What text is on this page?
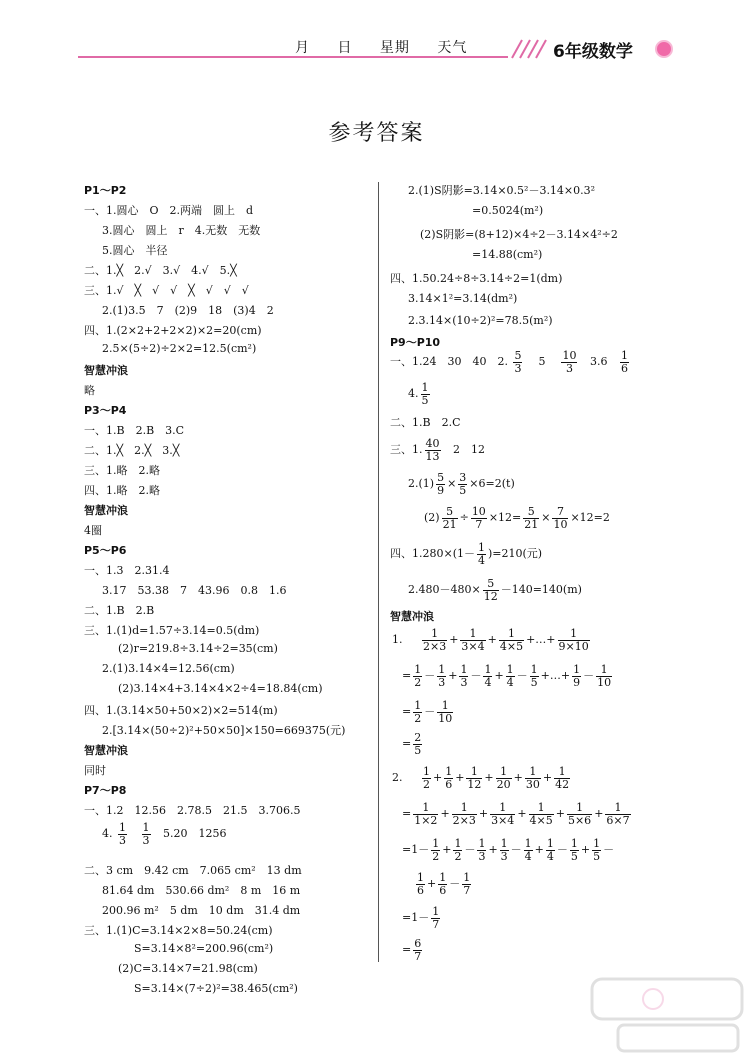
月 日 星期 天气	6年级数学
参考答案
P1～P2
一、1.圆心　O　2.两端　圆上　d
3.圆心　圆上　r　4.无数　无数
5.圆心　半径
二、1.╳　2.√　3.√　4.√　5.╳
三、1.√　╳　√　√　╳　√　√　√
2.(1)3.5　7　(2)9　18　(3)4　2
四、1.(2×2+2+2×2)×2=20(cm)
2.5×(5÷2)÷2×2=12.5(cm²)
智慧冲浪
略
P3～P4
一、1.B　2.B　3.C
二、1.╳　2.╳　3.╳
三、1.略　2.略
四、1.略　2.略
智慧冲浪
4圈
P5～P6
一、1.3　2.31.4
3.17　53.38　7　43.96　0.8　1.6
二、1.B　2.B
三、1.(1)d=1.57÷3.14=0.5(dm)
(2)r=219.8÷3.14÷2=35(cm)
2.(1)3.14×4=12.56(cm)
(2)3.14×4+3.14×4×2÷4=18.84(cm)
四、1.(3.14×50+50×2)×2=514(m)
2.[3.14×(50÷2)²+50×50]×150=669375(元)
智慧冲浪
同时
P7～P8
一、1.2　12.56　2.78.5　21.5　3.706.5
4. $\frac{1}{3}$
$\frac{1}{3} 5.20$　1256
二、3 cm　9.42 cm　7.065 cm²　13 dm
81.64 dm　530.66 dm²　8 m　16 m
200.96 m²　5 dm　10 dm　31.4 dm
三、1.(1)C=3.14×2×8=50.24(cm)
S=3.14×8²=200.96(cm²)
(2)C=3.14×7=21.98(cm)
S=3.14×(7÷2)²=38.465(cm²)
2.(1)S阴影=3.14×0.5²－3.14×0.3²
=0.5024(m²)
(2)S阴影=(8+12)×4÷2－3.14×4²÷2
=14.88(cm²)
四、1.50.24÷8÷3.14÷2=1(dm)
3.14×1²=3.14(dm²)
2.3.14×(10÷2)²=78.5(m²)
P9～P10
一、1.24　30　40　2. $\frac{5}{3} 5 \frac{10}{3} 3.6 \frac{1}{6}$
4. $\frac{1}{5}$
二、1.B　2.C
三、1. $\frac{40}{13} 2$　12
$2.(1) \frac{5}{9} \times \frac{3}{5} \times 6=2(t)$
$(2) \frac{5}{21} \div \frac{10}{7} \times 12= \frac{5}{21} \times \frac{7}{10} \times 12=2$
四、$1.280\times(1- \frac{1}{4} )=210$(元)
$2.480-480\times \frac{5}{12} -140=140(m)$
智慧冲浪
1. $\frac{1}{2\times 3} + \frac{1}{3\times 4} + \frac{1}{4\times 5}$ +…+ $\frac{1}{9\times 10}$
= $\frac{1}{2} - \frac{1}{3} + \frac{1}{3} - \frac{1}{4} + \frac{1}{4} - \frac{1}{5}$ +…+ $\frac{1}{9} - \frac{1}{10}$
= $\frac{1}{2} - \frac{1}{10}$
= $\frac{2}{5}$
2. $\frac{1}{2} + \frac{1}{6} + \frac{1}{12} + \frac{1}{20} + \frac{1}{30} + \frac{1}{42}$
= $\frac{1}{1\times 2} + \frac{1}{2\times 3} + \frac{1}{3\times 4} + \frac{1}{4\times 5} + \frac{1}{5\times 6} + \frac{1}{6\times 7}$
$=1- \frac{1}{2} + \frac{1}{2} - \frac{1}{3} + \frac{1}{3} - \frac{1}{4} + \frac{1}{4} - \frac{1}{5} + \frac{1}{5}$ －
$\frac{1}{6} + \frac{1}{6} - \frac{1}{7}$
$=1- \frac{1}{7}$
= $\frac{6}{7}$
